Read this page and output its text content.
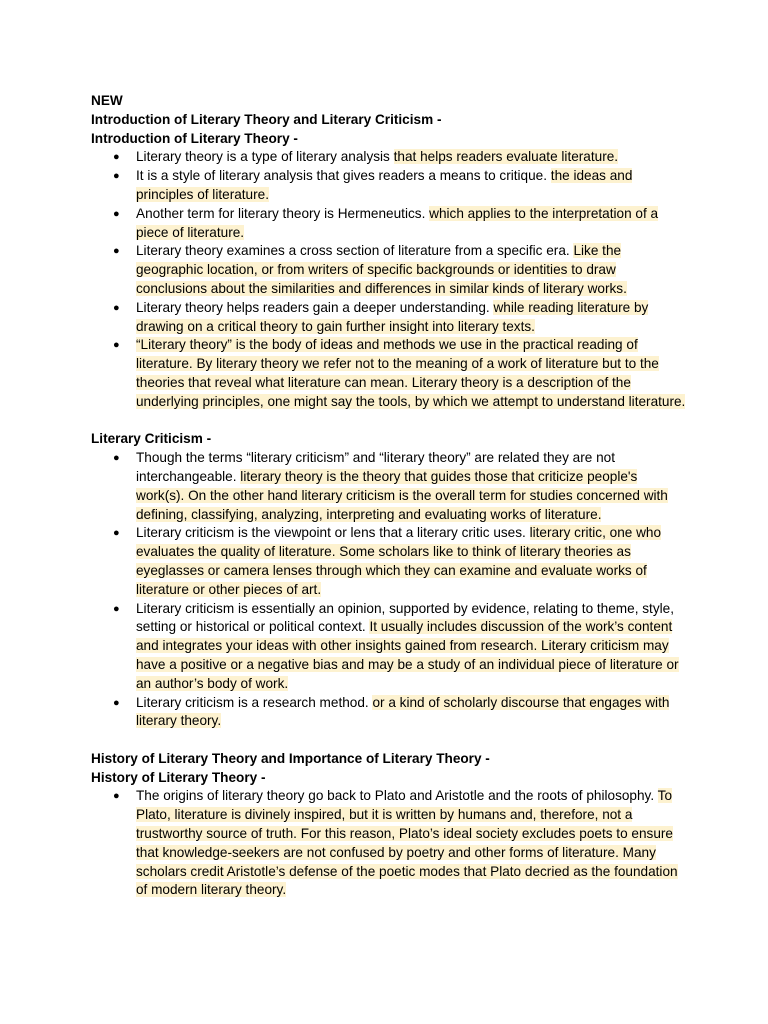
NEW
Introduction of Literary Theory and Literary Criticism -
Introduction of Literary Theory -
● Literary theory is a type of literary analysis that helps readers evaluate literature.
● It is a style of literary analysis that gives readers a means to critique. the ideas and principles of literature.
● Another term for literary theory is Hermeneutics. which applies to the interpretation of a piece of literature.
● Literary theory examines a cross section of literature from a specific era. Like the geographic location, or from writers of specific backgrounds or identities to draw conclusions about the similarities and differences in similar kinds of literary works.
● Literary theory helps readers gain a deeper understanding. while reading literature by drawing on a critical theory to gain further insight into literary texts.
● “Literary theory” is the body of ideas and methods we use in the practical reading of literature. By literary theory we refer not to the meaning of a work of literature but to the theories that reveal what literature can mean. Literary theory is a description of the underlying principles, one might say the tools, by which we attempt to understand literature.
Literary Criticism -
● Though the terms “literary criticism” and “literary theory” are related they are not interchangeable. literary theory is the theory that guides those that criticize people's work(s). On the other hand literary criticism is the overall term for studies concerned with defining, classifying, analyzing, interpreting and evaluating works of literature.
● Literary criticism is the viewpoint or lens that a literary critic uses. literary critic, one who evaluates the quality of literature. Some scholars like to think of literary theories as eyeglasses or camera lenses through which they can examine and evaluate works of literature or other pieces of art.
● Literary criticism is essentially an opinion, supported by evidence, relating to theme, style, setting or historical or political context. It usually includes discussion of the work’s content and integrates your ideas with other insights gained from research. Literary criticism may have a positive or a negative bias and may be a study of an individual piece of literature or an author’s body of work.
● Literary criticism is a research method. or a kind of scholarly discourse that engages with literary theory.
History of Literary Theory and Importance of Literary Theory -
History of Literary Theory -
● The origins of literary theory go back to Plato and Aristotle and the roots of philosophy. To Plato, literature is divinely inspired, but it is written by humans and, therefore, not a trustworthy source of truth. For this reason, Plato’s ideal society excludes poets to ensure that knowledge-seekers are not confused by poetry and other forms of literature. Many scholars credit Aristotle’s defense of the poetic modes that Plato decried as the foundation of modern literary theory.
